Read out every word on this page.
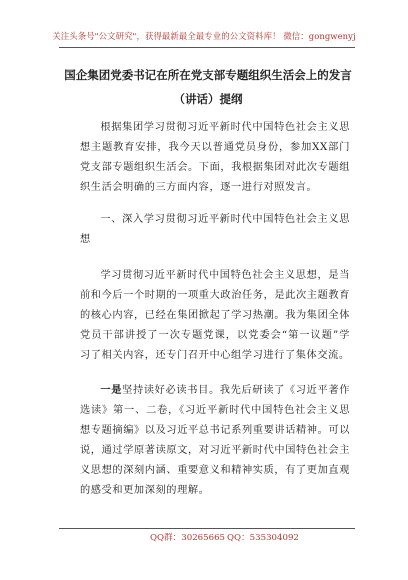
关注头条号"公文研究"，获得最新最全最专业的公文资料库！ 微信：gongwenyj
国企集团党委书记在所在党支部专题组织生活会上的发言
（讲话）提纲

根据集团学习贯彻习近平新时代中国特色社会主义思想主题教育安排，我今天以普通党员身份，参加XX部门党支部专题组织生活会。下面，我根据集团对此次专题组织生活会明确的三方面内容，逐一进行对照发言。

一、深入学习贯彻习近平新时代中国特色社会主义思想

学习贯彻习近平新时代中国特色社会主义思想，是当前和今后一个时期的一项重大政治任务，是此次主题教育的核心内容，已经在集团掀起了学习热潮。我为集团全体党员干部讲授了一次专题党课，以党委会“第一议题”学习了相关内容，还专门召开中心组学习进行了集体交流。

一是坚持读好必读书目。我先后研读了《习近平著作选读》第一、二卷，《习近平新时代中国特色社会主义思想专题摘编》以及习近平总书记系列重要讲话精神。可以说，通过学原著读原文，对习近平新时代中国特色社会主义思想的深刻内涵、重要意义和精神实质，有了更加直观的感受和更加深刻的理解。

QQ群：30265665 QQ：535304092
